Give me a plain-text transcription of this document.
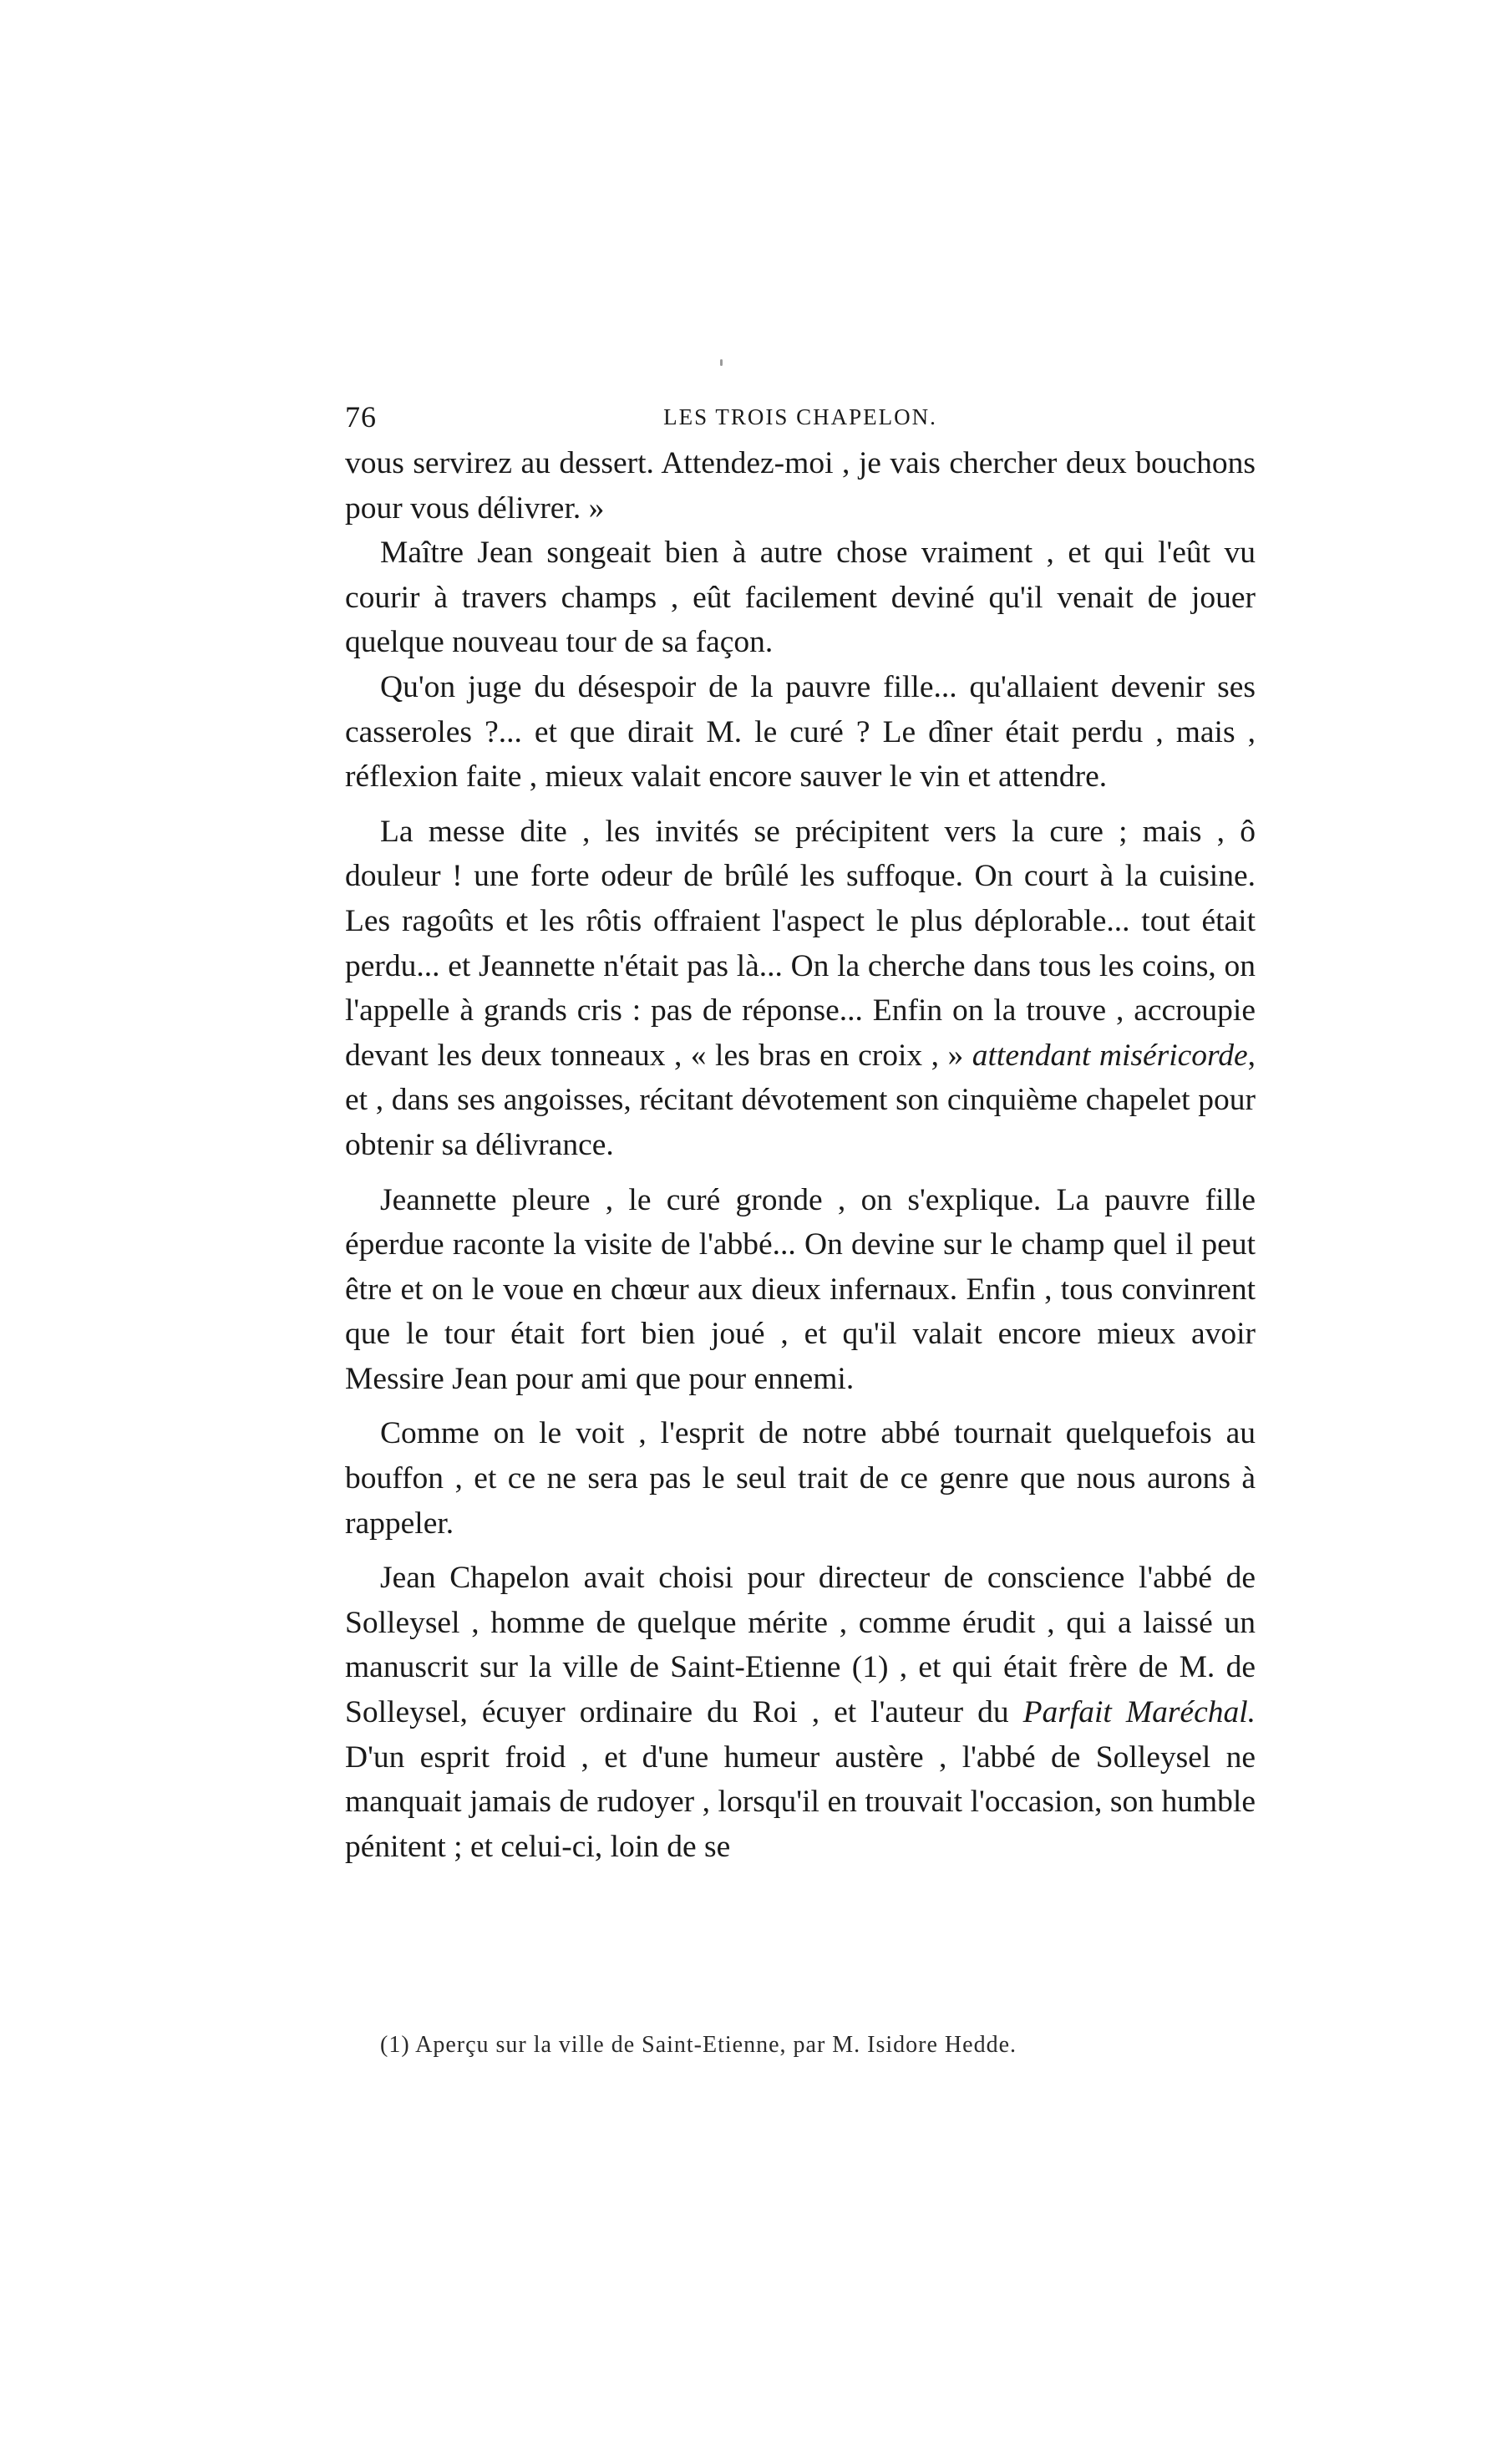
76	LES TROIS CHAPELON.

vous servirez au dessert. Attendez-moi , je vais chercher deux bouchons pour vous délivrer. »

Maître Jean songeait bien à autre chose vraiment , et qui l'eût vu courir à travers champs , eût facilement deviné qu'il venait de jouer quelque nouveau tour de sa façon.

Qu'on juge du désespoir de la pauvre fille... qu'allaient devenir ses casseroles ?... et que dirait M. le curé ? Le dîner était perdu , mais , réflexion faite , mieux valait encore sauver le vin et attendre.

La messe dite , les invités se précipitent vers la cure ; mais , ô douleur ! une forte odeur de brûlé les suffoque. On court à la cuisine. Les ragoûts et les rôtis offraient l'aspect le plus déplorable... tout était perdu... et Jeannette n'était pas là... On la cherche dans tous les coins, on l'appelle à grands cris : pas de réponse... Enfin on la trouve , accroupie devant les deux tonneaux , « les bras en croix , » attendant miséricorde, et , dans ses angoisses, récitant dévotement son cinquième chapelet pour obtenir sa délivrance.

Jeannette pleure , le curé gronde , on s'explique. La pauvre fille éperdue raconte la visite de l'abbé... On devine sur le champ quel il peut être et on le voue en chœur aux dieux infernaux. Enfin , tous convinrent que le tour était fort bien joué , et qu'il valait encore mieux avoir Messire Jean pour ami que pour ennemi.

Comme on le voit , l'esprit de notre abbé tournait quelquefois au bouffon , et ce ne sera pas le seul trait de ce genre que nous aurons à rappeler.

Jean Chapelon avait choisi pour directeur de conscience l'abbé de Solleysel , homme de quelque mérite , comme érudit , qui a laissé un manuscrit sur la ville de Saint-Etienne (1) , et qui était frère de M. de Solleysel, écuyer ordinaire du Roi , et l'auteur du Parfait Maréchal. D'un esprit froid , et d'une humeur austère , l'abbé de Solleysel ne manquait jamais de rudoyer , lorsqu'il en trouvait l'occasion, son humble pénitent ; et celui-ci, loin de se

(1) Aperçu sur la ville de Saint-Etienne, par M. Isidore Hedde.
